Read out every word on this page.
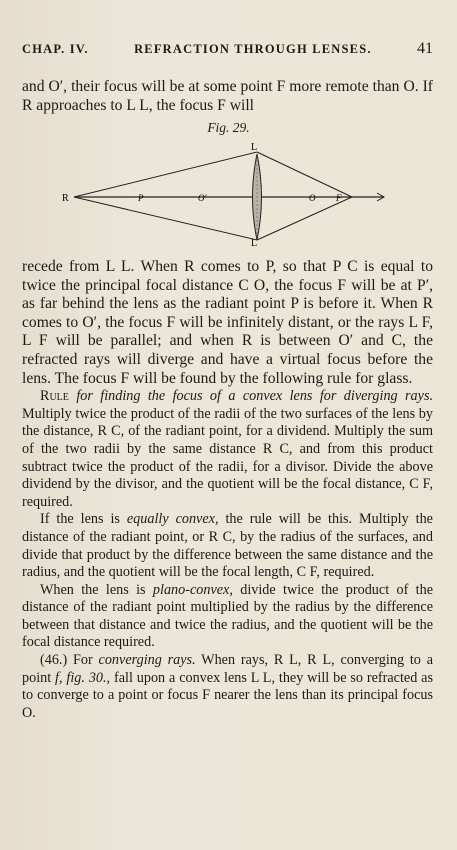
CHAP. IV.	REFRACTION THROUGH LENSES.	41
and O′, their focus will be at some point F more remote than O. If R approaches to L L, the focus F will
Fig. 29.
L
L
R	P	O′	O F

recede from L L. When R comes to P, so that P C is equal to twice the principal focal distance C O, the focus F will be at P′, as far behind the lens as the radiant point P is before it. When R comes to O′, the focus F will be infinitely distant, or the rays L F, L F will be parallel; and when R is between O′ and C, the refracted rays will diverge and have a virtual focus before the lens. The focus F will be found by the following rule for glass.

Rule for finding the focus of a convex lens for diverging rays. Multiply twice the product of the radii of the two surfaces of the lens by the distance, R C, of the radiant point, for a dividend. Multiply the sum of the two radii by the same distance R C, and from this product subtract twice the product of the radii, for a divisor. Divide the above dividend by the divisor, and the quotient will be the focal distance, C F, required.

If the lens is equally convex, the rule will be this. Multiply the distance of the radiant point, or R C, by the radius of the surfaces, and divide that product by the difference between the same distance and the radius, and the quotient will be the focal length, C F, required.

When the lens is plano-convex, divide twice the product of the distance of the radiant point multiplied by the radius by the difference between that distance and twice the radius, and the quotient will be the focal distance required.

(46.) For converging rays. When rays, R L, R L, converging to a point f, fig. 30., fall upon a convex lens L L, they will be so refracted as to converge to a point or focus F nearer the lens than its principal focus O.
